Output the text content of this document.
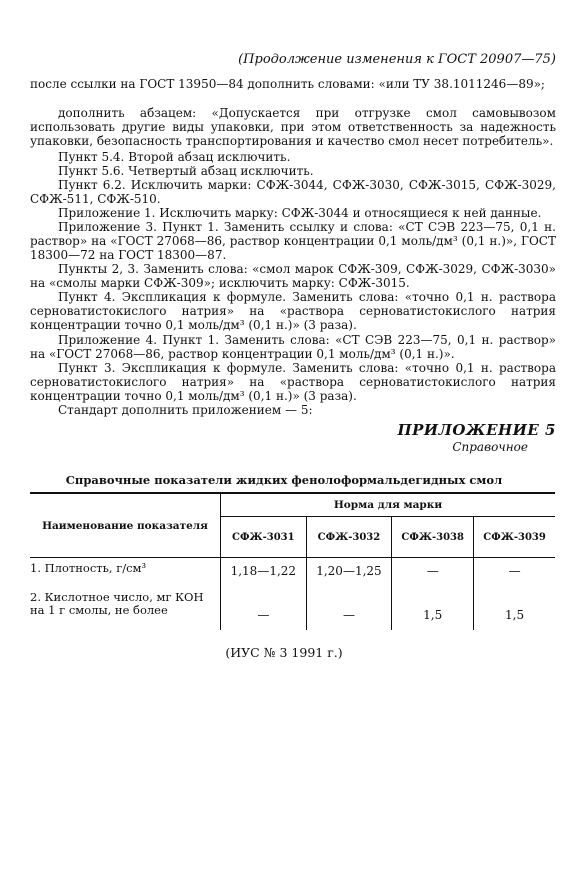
(Продолжение изменения к ГОСТ 20907—75)
после ссылки на ГОСТ 13950—84 дополнить словами: «или ТУ 38.1011246—89»;
дополнить абзацем: «Допускается при отгрузке смол самовывозом использовать другие виды упаковки, при этом ответственность за надежность упаковки, безопасность транспортирования и качество смол несет потребитель».
Пункт 5.4. Второй абзац исключить.
Пункт 5.6. Четвертый абзац исключить.
Пункт 6.2. Исключить марки: СФЖ-3044, СФЖ-3030, СФЖ-3015, СФЖ-3029, СФЖ-511, СФЖ-510.
Приложение 1. Исключить марку: СФЖ-3044 и относящиеся к ней данные.
Приложение 3. Пункт 1. Заменить ссылку и слова: «СТ СЭВ 223—75, 0,1 н. раствор» на «ГОСТ 27068—86, раствор концентрации 0,1 моль/дм³ (0,1 н.)», ГОСТ 18300—72 на ГОСТ 18300—87.
Пункты 2, 3. Заменить слова: «смол марок СФЖ-309, СФЖ-3029, СФЖ-3030» на «смолы марки СФЖ-309»; исключить марку: СФЖ-3015.
Пункт 4. Экспликация к формуле. Заменить слова: «точно 0,1 н. раствора серноватистокислого натрия» на «раствора серноватистокислого натрия концентрации точно 0,1 моль/дм³ (0,1 н.)» (3 раза).
Приложение 4. Пункт 1. Заменить слова: «СТ СЭВ 223—75, 0,1 н. раствор» на «ГОСТ 27068—86, раствор концентрации 0,1 моль/дм³ (0,1 н.)».
Пункт 3. Экспликация к формуле. Заменить слова: «точно 0,1 н. раствора серноватистокислого натрия» на «раствора серноватистокислого натрия концентрации точно 0,1 моль/дм³ (0,1 н.)» (3 раза).
Стандарт дополнить приложением — 5:
ПРИЛОЖЕНИЕ 5
Справочное
Справочные показатели жидких фенолоформальдегидных смол
Наименование показателя	Норма для марки			
	СФЖ-3031	СФЖ-3032	СФЖ-3038	СФЖ-3039
1. Плотность, г/см³	1,18—1,22	1,20—1,25	—	—
2. Кислотное число, мг КОН на 1 г смолы, не более	—	—	1,5	1,5
(ИУС № 3 1991 г.)
